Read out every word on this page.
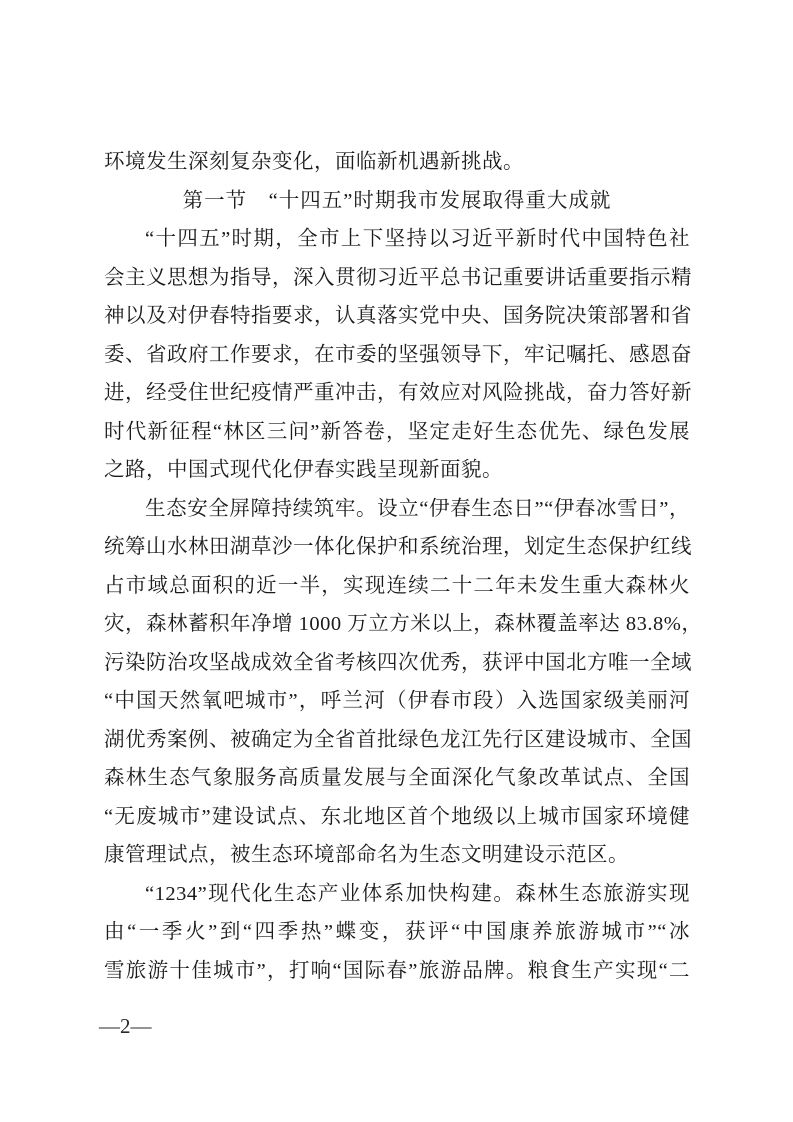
环境发生深刻复杂变化，面临新机遇新挑战。
第一节　“十四五”时期我市发展取得重大成就
“十四五”时期，全市上下坚持以习近平新时代中国特色社
会主义思想为指导，深入贯彻习近平总书记重要讲话重要指示精
神以及对伊春特指要求，认真落实党中央、国务院决策部署和省
委、省政府工作要求，在市委的坚强领导下，牢记嘱托、感恩奋
进，经受住世纪疫情严重冲击，有效应对风险挑战，奋力答好新
时代新征程“林区三问”新答卷，坚定走好生态优先、绿色发展
之路，中国式现代化伊春实践呈现新面貌。
生态安全屏障持续筑牢。设立“伊春生态日”“伊春冰雪日”，
统筹山水林田湖草沙一体化保护和系统治理，划定生态保护红线
占市域总面积的近一半，实现连续二十二年未发生重大森林火
灾，森林蓄积年净增 1000 万立方米以上，森林覆盖率达 83.8%，
污染防治攻坚战成效全省考核四次优秀，获评中国北方唯一全域
“中国天然氧吧城市”，呼兰河（伊春市段）入选国家级美丽河
湖优秀案例、被确定为全省首批绿色龙江先行区建设城市、全国
森林生态气象服务高质量发展与全面深化气象改革试点、全国
“无废城市”建设试点、东北地区首个地级以上城市国家环境健
康管理试点，被生态环境部命名为生态文明建设示范区。
“1234”现代化生态产业体系加快构建。森林生态旅游实现
由“一季火”到“四季热”蝶变，获评“中国康养旅游城市”“冰
雪旅游十佳城市”，打响“国际春”旅游品牌。粮食生产实现“二
—2—
